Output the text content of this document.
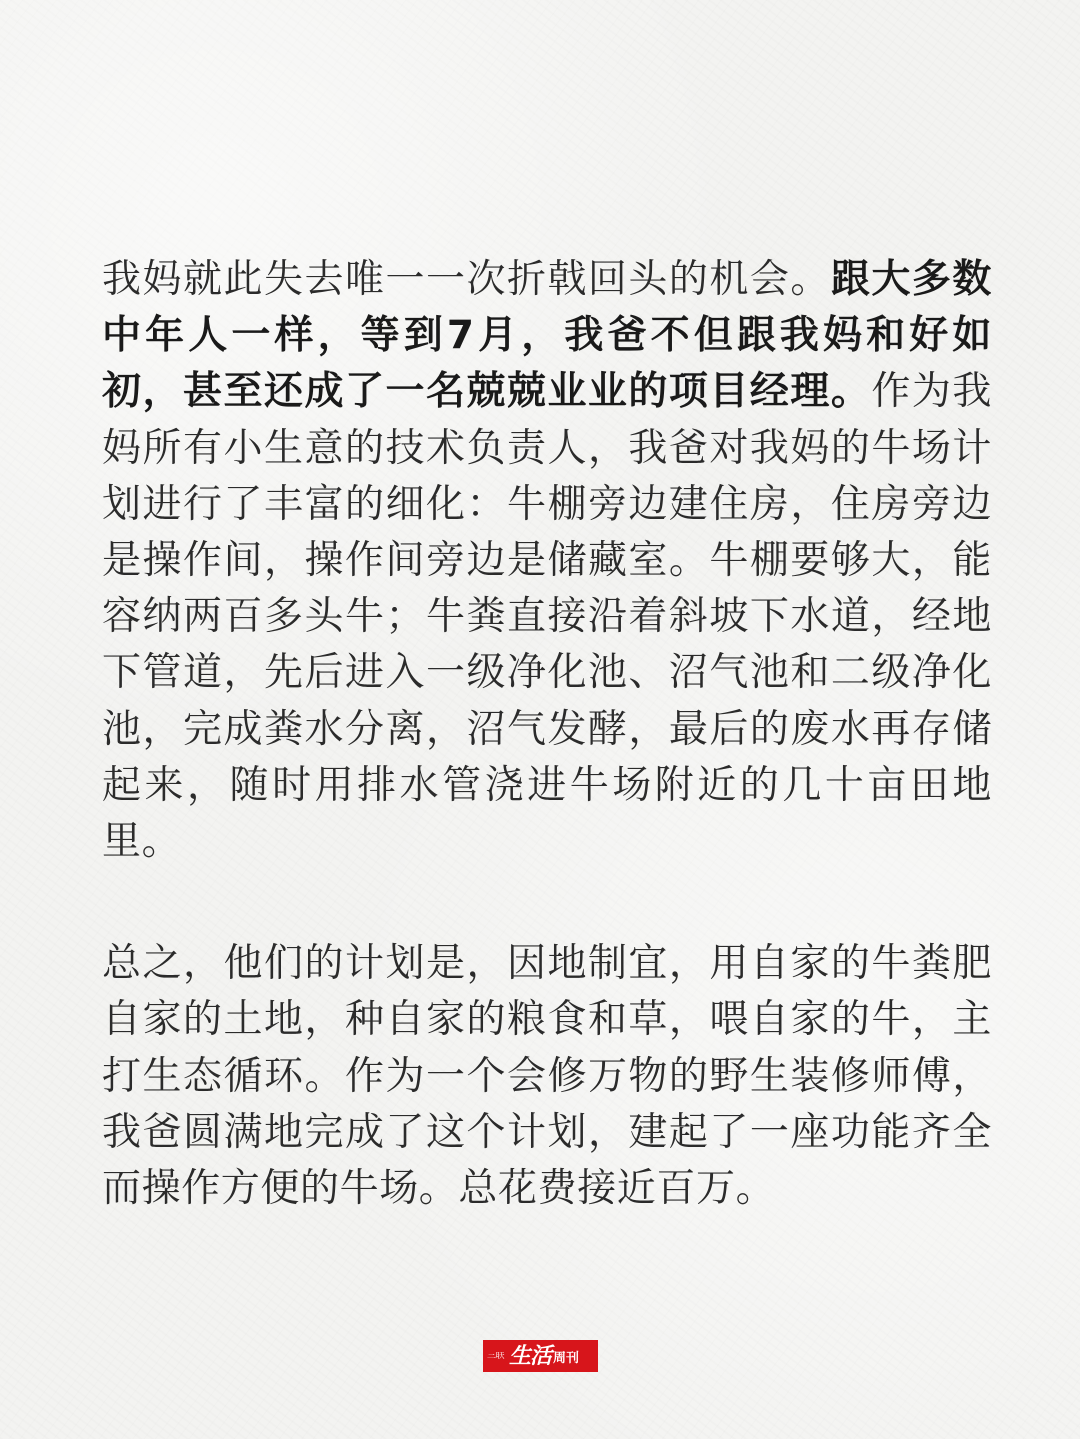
我妈就此失去唯一一次折戟回头的机会。跟大多数中年人一样，等到7月，我爸不但跟我妈和好如初，甚至还成了一名兢兢业业的项目经理。作为我妈所有小生意的技术负责人，我爸对我妈的牛场计划进行了丰富的细化：牛棚旁边建住房，住房旁边是操作间，操作间旁边是储藏室。牛棚要够大，能容纳两百多头牛；牛粪直接沿着斜坡下水道，经地下管道，先后进入一级净化池、沼气池和二级净化池，完成粪水分离，沼气发酵，最后的废水再存储起来，随时用排水管浇进牛场附近的几十亩田地里。

总之，他们的计划是，因地制宜，用自家的牛粪肥自家的土地，种自家的粮食和草，喂自家的牛，主打生态循环。作为一个会修万物的野生装修师傅，我爸圆满地完成了这个计划，建起了一座功能齐全而操作方便的牛场。总花费接近百万。

三联 生活 周刊
